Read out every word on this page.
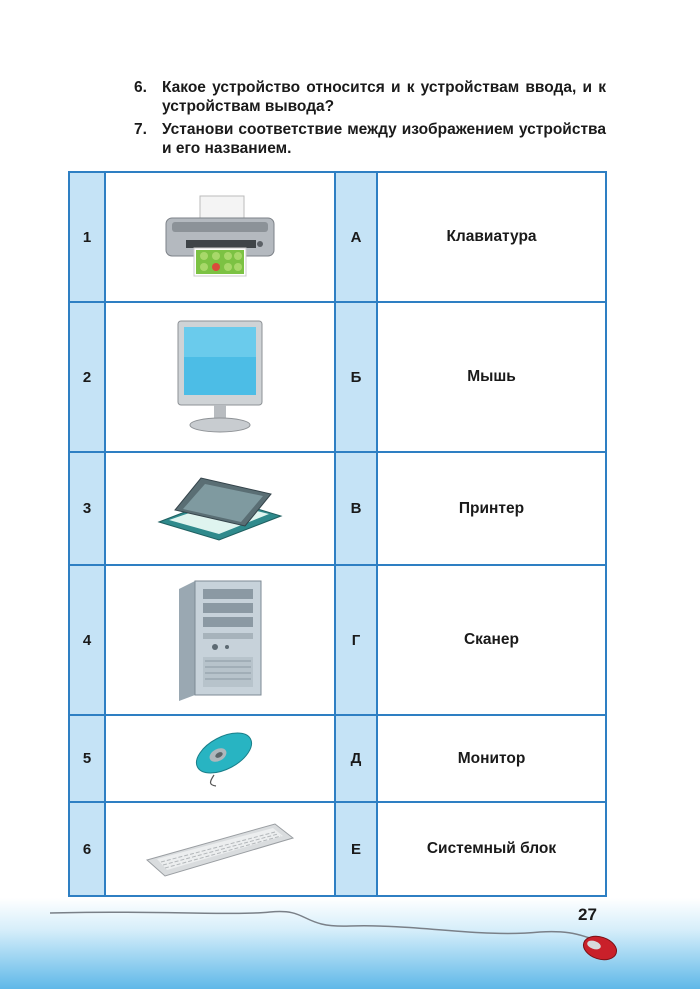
6. Какое устройство относится и к устройствам ввода, и к устройствам вывода?
7. Установи соответствие между изображением устройства и его названием.
1		А	Клавиатура
2		Б	Мышь
3		В	Принтер
4		Г	Сканер
5		Д	Монитор
6		Е	Системный блок
27
